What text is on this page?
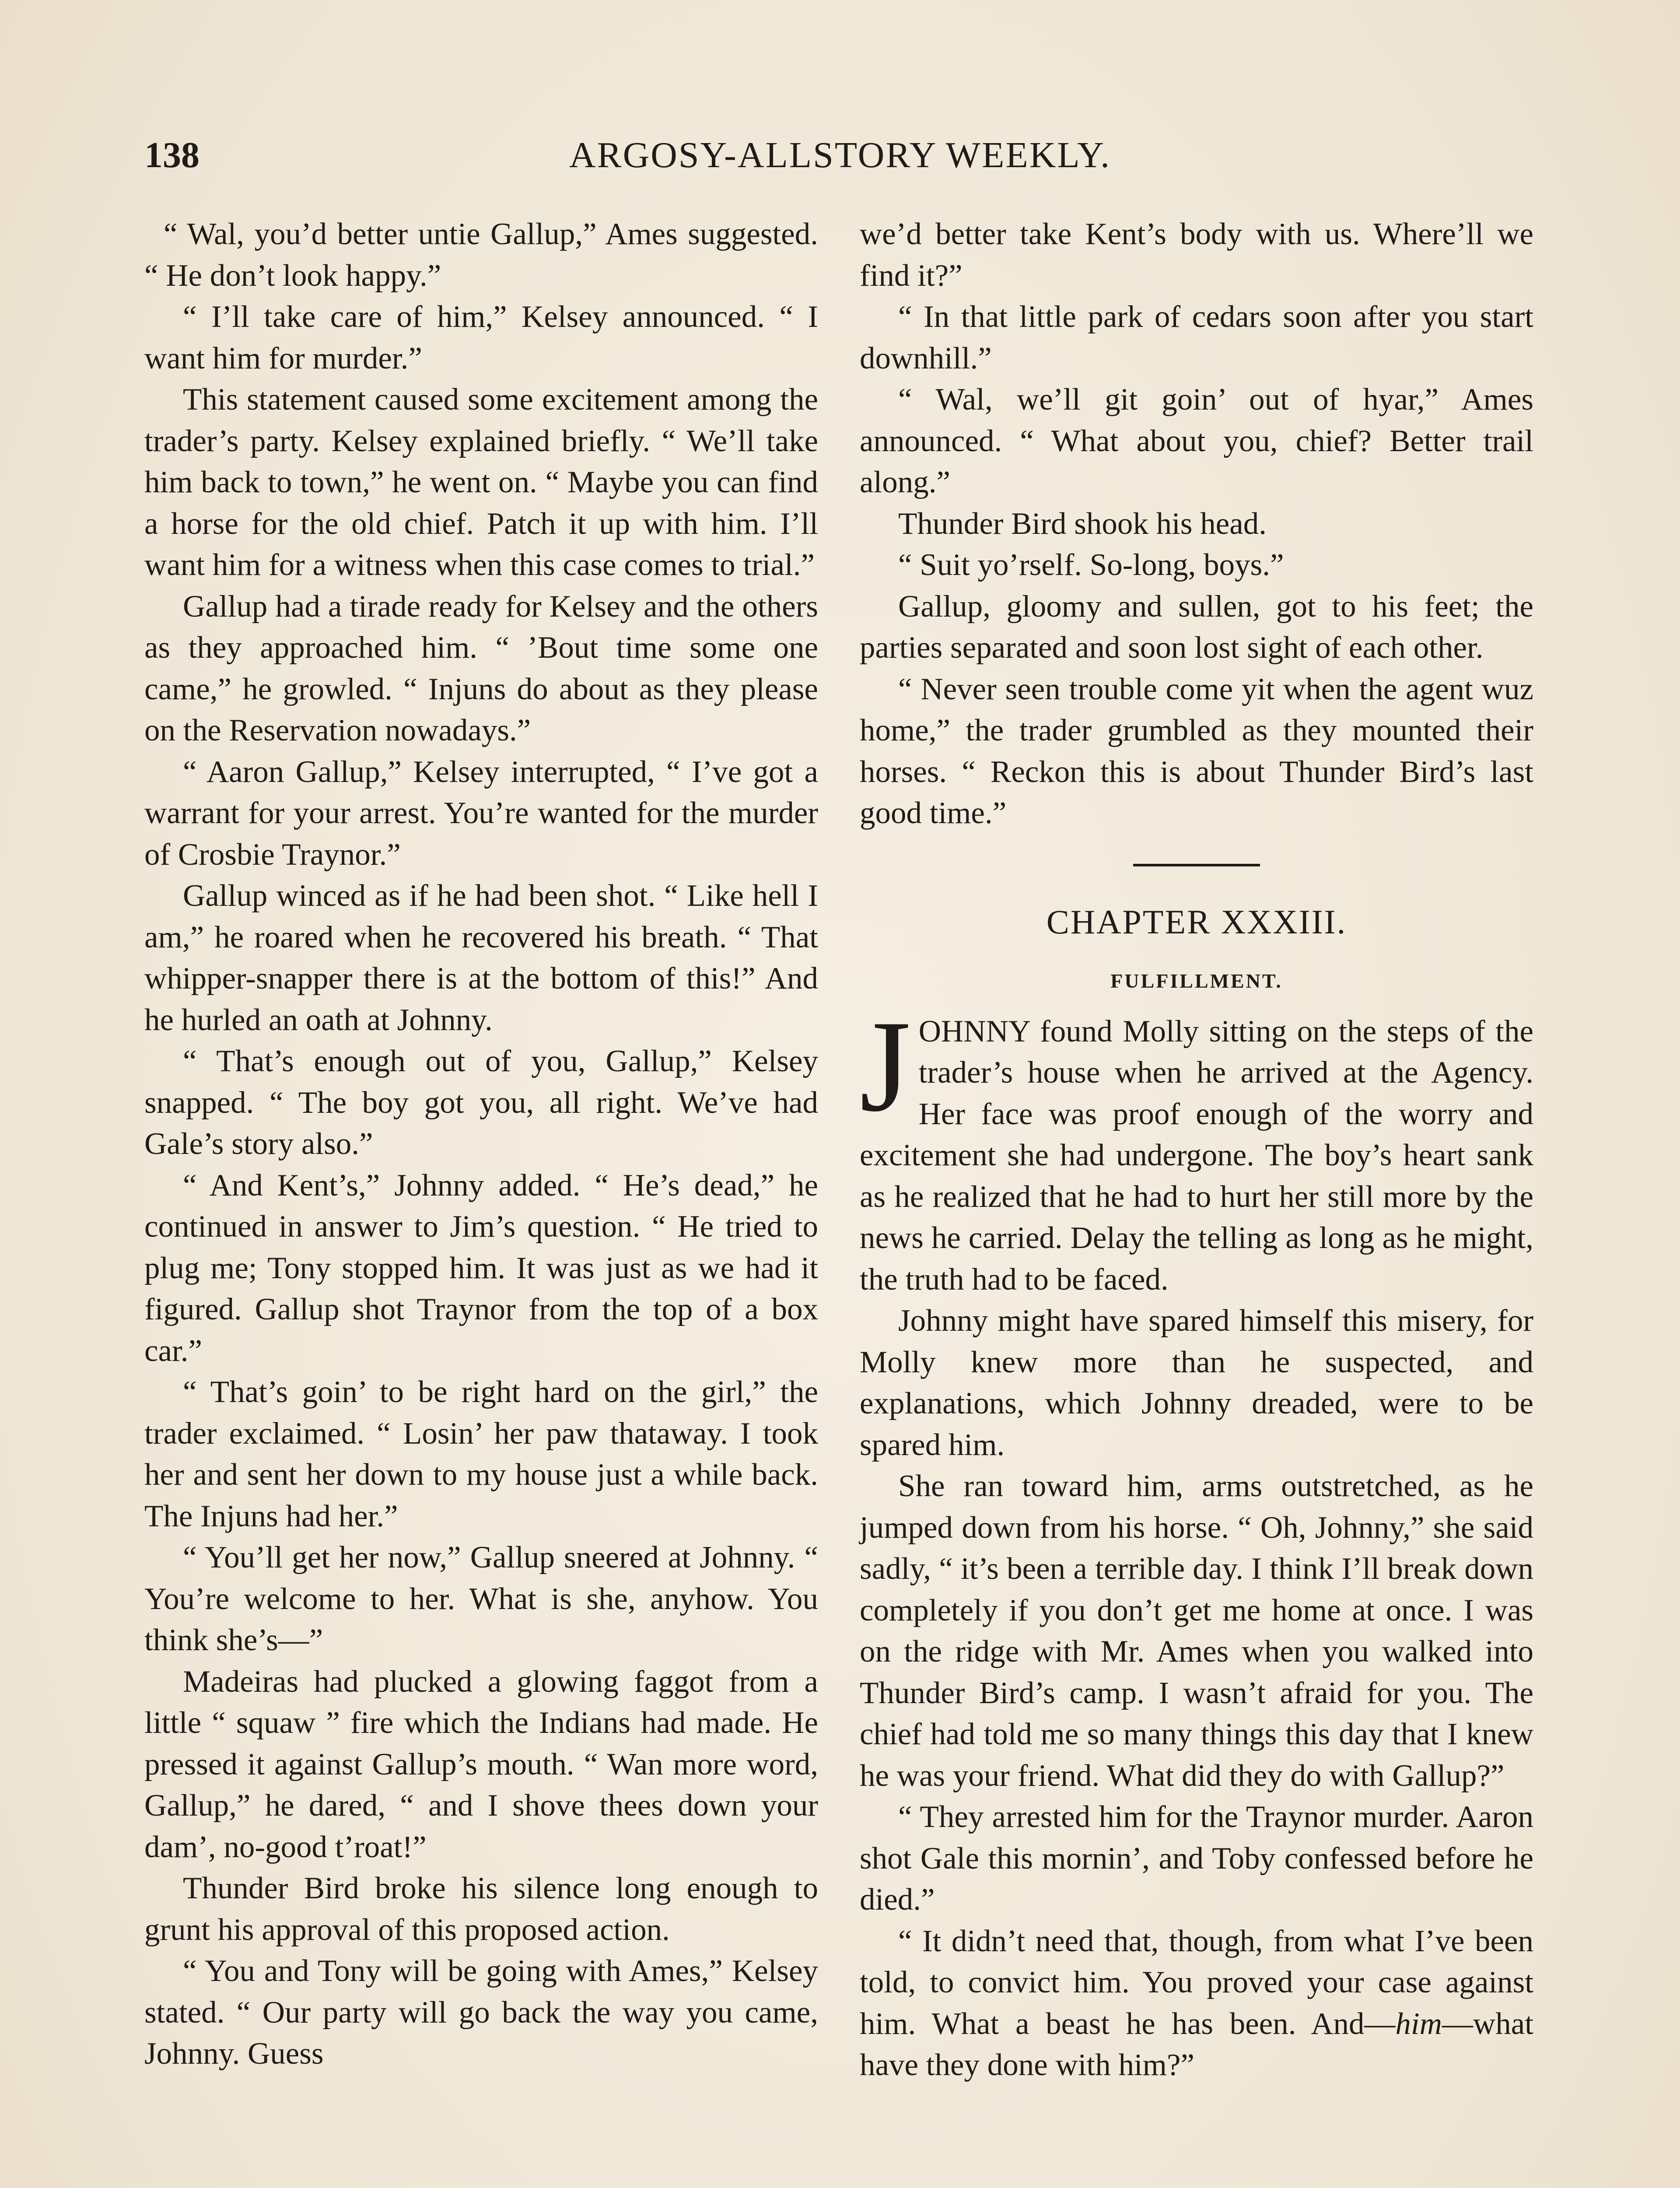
138	ARGOSY-ALLSTORY WEEKLY.

“ Wal, you’d better untie Gallup,” Ames suggested. “ He don’t look happy.”

“ I’ll take care of him,” Kelsey announced. “ I want him for murder.”

This statement caused some excitement among the trader’s party. Kelsey explained briefly. “ We’ll take him back to town,” he went on. “ Maybe you can find a horse for the old chief. Patch it up with him. I’ll want him for a witness when this case comes to trial.”

Gallup had a tirade ready for Kelsey and the others as they approached him. “ ’Bout time some one came,” he growled. “ Injuns do about as they please on the Reservation nowadays.”

“ Aaron Gallup,” Kelsey interrupted, “ I’ve got a warrant for your arrest. You’re wanted for the murder of Crosbie Traynor.”

Gallup winced as if he had been shot. “ Like hell I am,” he roared when he recovered his breath. “ That whipper-snapper there is at the bottom of this!” And he hurled an oath at Johnny.

“ That’s enough out of you, Gallup,” Kelsey snapped. “ The boy got you, all right. We’ve had Gale’s story also.”

“ And Kent’s,” Johnny added. “ He’s dead,” he continued in answer to Jim’s question. “ He tried to plug me; Tony stopped him. It was just as we had it figured. Gallup shot Traynor from the top of a box car.”

“ That’s goin’ to be right hard on the girl,” the trader exclaimed. “ Losin’ her paw thataway. I took her and sent her down to my house just a while back. The Injuns had her.”

“ You’ll get her now,” Gallup sneered at Johnny. “ You’re welcome to her. What is she, anyhow. You think she’s—”

Madeiras had plucked a glowing faggot from a little “ squaw ” fire which the Indians had made. He pressed it against Gallup’s mouth. “ Wan more word, Gallup,” he dared, “ and I shove thees down your dam’, no-good t’roat!”

Thunder Bird broke his silence long enough to grunt his approval of this proposed action.

“ You and Tony will be going with Ames,” Kelsey stated. “ Our party will go back the way you came, Johnny. Guess

we’d better take Kent’s body with us. Where’ll we find it?”

“ In that little park of cedars soon after you start downhill.”

“ Wal, we’ll git goin’ out of hyar,” Ames announced. “ What about you, chief? Better trail along.”

Thunder Bird shook his head.

“ Suit yo’rself. So-long, boys.”

Gallup, gloomy and sullen, got to his feet; the parties separated and soon lost sight of each other.

“ Never seen trouble come yit when the agent wuz home,” the trader grumbled as they mounted their horses. “ Reckon this is about Thunder Bird’s last good time.”

CHAPTER XXXIII.
FULFILLMENT.

JOHNNY found Molly sitting on the steps of the trader’s house when he arrived at the Agency. Her face was proof enough of the worry and excitement she had undergone. The boy’s heart sank as he realized that he had to hurt her still more by the news he carried. Delay the telling as long as he might, the truth had to be faced.

Johnny might have spared himself this misery, for Molly knew more than he suspected, and explanations, which Johnny dreaded, were to be spared him.

She ran toward him, arms outstretched, as he jumped down from his horse. “ Oh, Johnny,” she said sadly, “ it’s been a terrible day. I think I’ll break down completely if you don’t get me home at once. I was on the ridge with Mr. Ames when you walked into Thunder Bird’s camp. I wasn’t afraid for you. The chief had told me so many things this day that I knew he was your friend. What did they do with Gallup?”

“ They arrested him for the Traynor murder. Aaron shot Gale this mornin’, and Toby confessed before he died.”

“ It didn’t need that, though, from what I’ve been told, to convict him. You proved your case against him. What a beast he has been. And—him—what have they done with him?”
